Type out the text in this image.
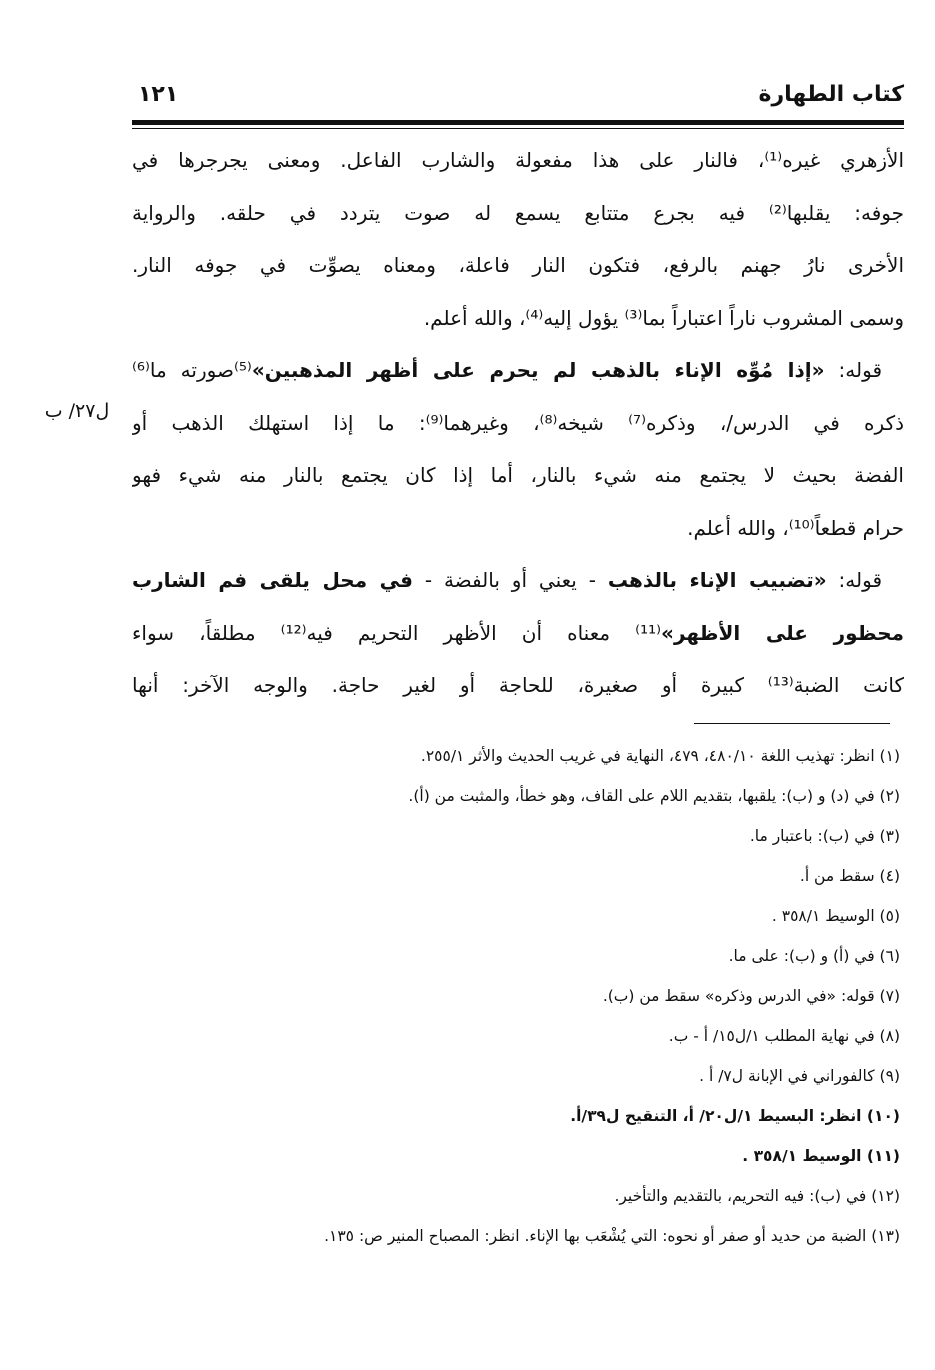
كتاب الطهارة
١٢١
ل٢٧/ ب
الأزهري غيره⁽¹⁾، فالنار على هذا مفعولة والشارب الفاعل. ومعنى يجرجرها في
جوفه: يقلبها⁽²⁾ فيه بجرع متتابع يسمع له صوت يتردد في حلقه. والرواية
الأخرى نارُ جهنم بالرفع، فتكون النار فاعلة، ومعناه يصوِّت في جوفه النار.
وسمى المشروب ناراً اعتباراً بما⁽³⁾ يؤول إليه⁽⁴⁾، والله أعلم.
قوله: «إذا مُوِّه الإناء بالذهب لم يحرم على أظهر المذهبين»⁽⁵⁾صورته ما⁽⁶⁾
ذكره في الدرس/، وذكره⁽⁷⁾ شيخه⁽⁸⁾، وغيرهما⁽⁹⁾: ما إذا استهلك الذهب أو
الفضة بحيث لا يجتمع منه شيء بالنار، أما إذا كان يجتمع بالنار منه شيء فهو
حرام قطعاً⁽¹⁰⁾، والله أعلم.
قوله: «تضبيب الإناء بالذهب - يعني أو بالفضة - في محل يلقى فم الشارب
محظور على الأظهر»⁽¹¹⁾ معناه أن الأظهر التحريم فيه⁽¹²⁾ مطلقاً، سواء
كانت الضبة⁽¹³⁾ كبيرة أو صغيرة، للحاجة أو لغير حاجة. والوجه الآخر: أنها
(١) انظر: تهذيب اللغة ٤٨٠/١٠، ٤٧٩، النهاية في غريب الحديث والأثر ٢٥٥/١.
(٢) في (د) و (ب): يلقبها، بتقديم اللام على القاف، وهو خطأ، والمثبت من (أ).
(٣) في (ب): باعتبار ما.
(٤) سقط من أ.
(٥) الوسيط ٣٥٨/١ .
(٦) في (أ) و (ب): على ما.
(٧) قوله: «في الدرس وذكره» سقط من (ب).
(٨) في نهاية المطلب ١/ل١٥/ أ - ب.
(٩) كالفوراني في الإبانة ل٧/ أ .
(١٠) انظر: البسيط ١/ل٢٠/ أ، التنقيح ل٣٩/أ.
(١١) الوسيط ٣٥٨/١ .
(١٢) في (ب): فيه التحريم، بالتقديم والتأخير.
(١٣) الضبة من حديد أو صفر أو نحوه: التي يُشْعَب بها الإناء. انظر: المصباح المنير ص: ١٣٥.
